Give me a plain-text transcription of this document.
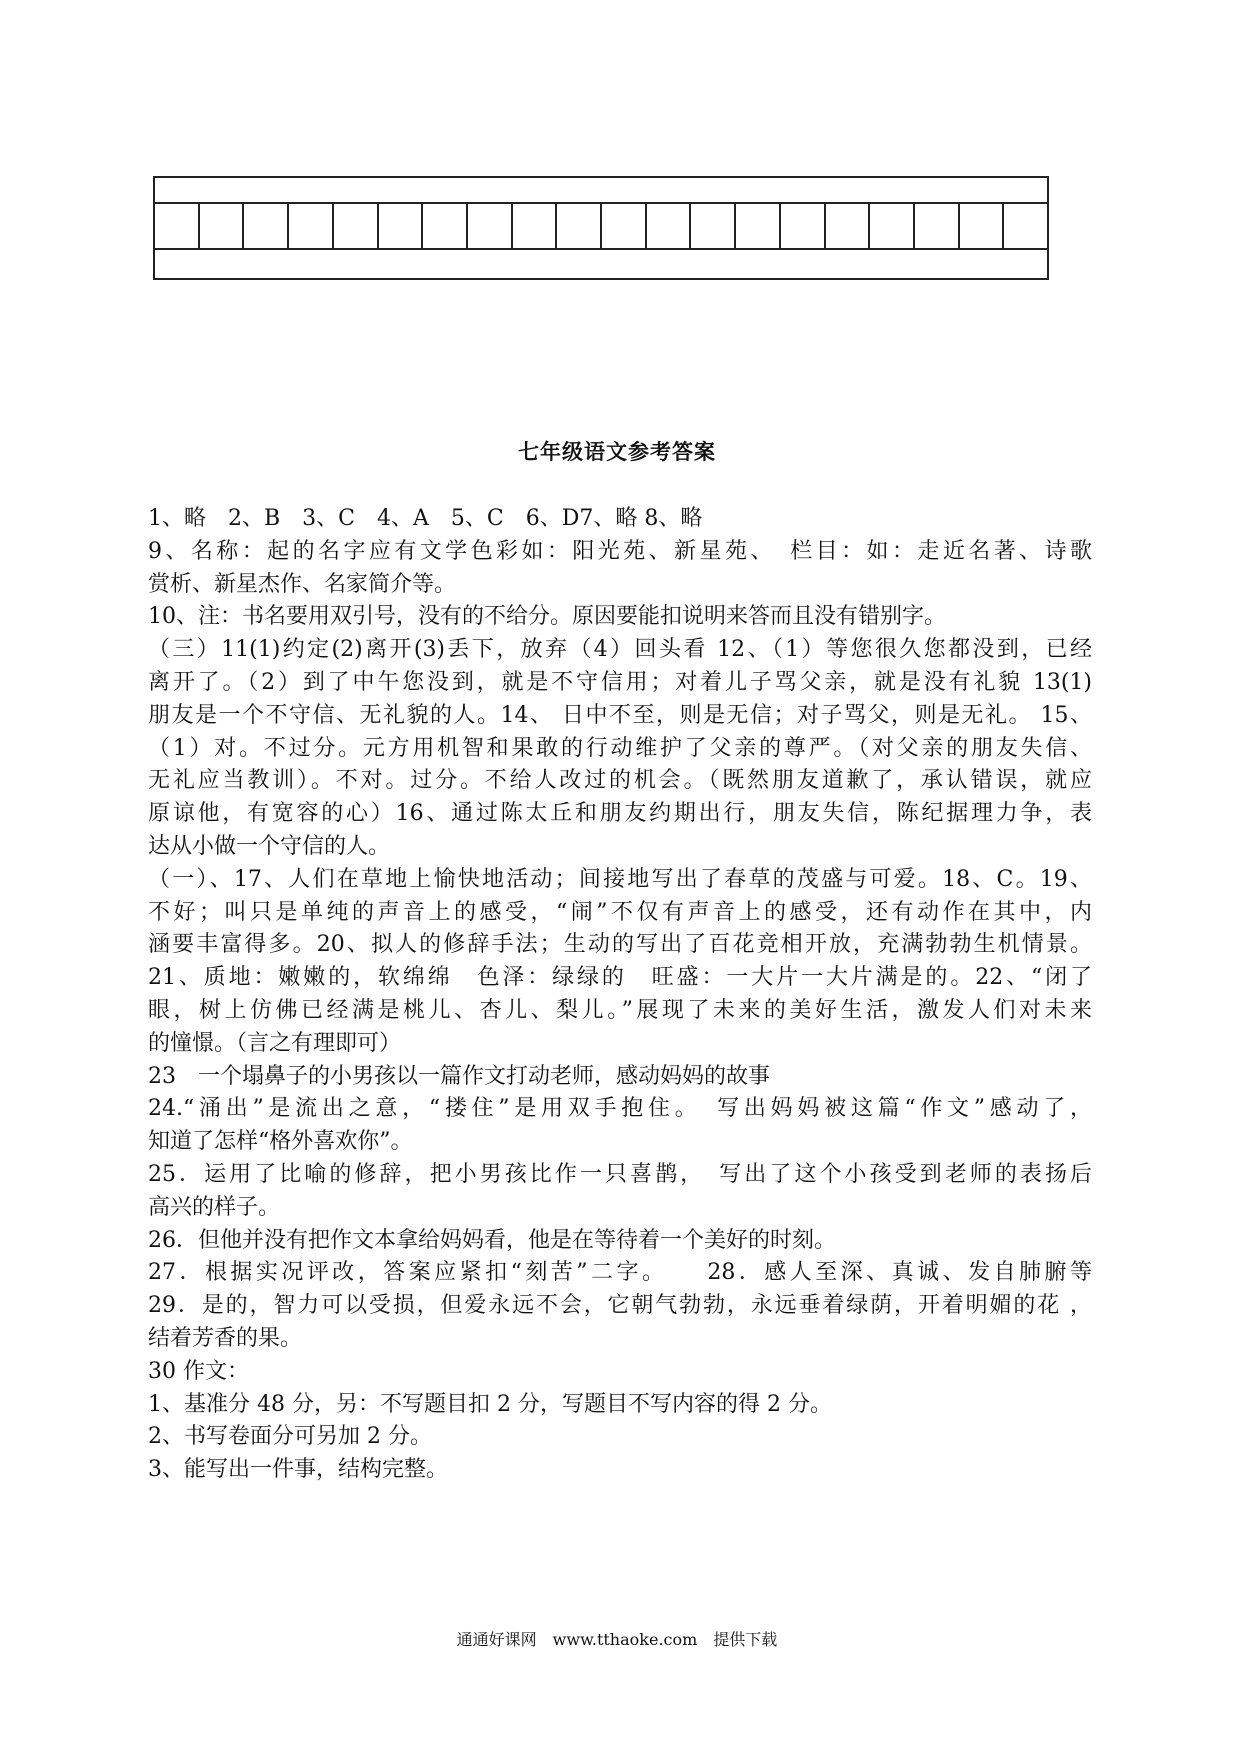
七年级语文参考答案
1、略　2、B　3、C　4、A　5、C　6、D7、略 8、略
9、名称：起的名字应有文学色彩如：阳光苑、新星苑、　栏目：如：走近名著、诗歌
赏析、新星杰作、名家简介等。
10、注：书名要用双引号，没有的不给分。原因要能扣说明来答而且没有错别字。
（三）11(1)约定(2)离开(3)丢下，放弃（4）回头看 12、（1）等您很久您都没到，已经
离开了。（2）到了中午您没到，就是不守信用；对着儿子骂父亲，就是没有礼貌 13(1)
朋友是一个不守信、无礼貌的人。14、 日中不至，则是无信；对子骂父，则是无礼。 15、
（1）对。不过分。元方用机智和果敢的行动维护了父亲的尊严。（对父亲的朋友失信、
无礼应当教训）。不对。过分。不给人改过的机会。（既然朋友道歉了，承认错误，就应
原谅他，有宽容的心）16、通过陈太丘和朋友约期出行，朋友失信，陈纪据理力争，表
达从小做一个守信的人。
（一）、17、人们在草地上愉快地活动；间接地写出了春草的茂盛与可爱。18、C。19、
不好；叫只是单纯的声音上的感受，“闹”不仅有声音上的感受，还有动作在其中，内
涵要丰富得多。20、拟人的修辞手法；生动的写出了百花竞相开放，充满勃勃生机情景。
21、质地：嫩嫩的，软绵绵　色泽：绿绿的　旺盛：一大片一大片满是的。22、“闭了
眼，树上仿佛已经满是桃儿、杏儿、梨儿。”展现了未来的美好生活，激发人们对未来
的憧憬。（言之有理即可）
23　一个塌鼻子的小男孩以一篇作文打动老师，感动妈妈的故事
24.“涌出”是流出之意，“搂住”是用双手抱住。　写出妈妈被这篇“作文”感动了，
知道了怎样“格外喜欢你”。
25．运用了比喻的修辞，把小男孩比作一只喜鹊，　写出了这个小孩受到老师的表扬后
高兴的样子。
26．但他并没有把作文本拿给妈妈看，他是在等待着一个美好的时刻。
27．根据实况评改，答案应紧扣“刻苦”二字。　　28．感人至深、真诚、发自肺腑等
29．是的，智力可以受损，但爱永远不会，它朝气勃勃，永远垂着绿荫，开着明媚的花 ，
结着芳香的果。
30 作文：
1、基准分 48 分，另：不写题目扣 2 分，写题目不写内容的得 2 分。
2、书写卷面分可另加 2 分。
3、能写出一件事，结构完整。
通通好课网　www.tthaoke.com　提供下载
